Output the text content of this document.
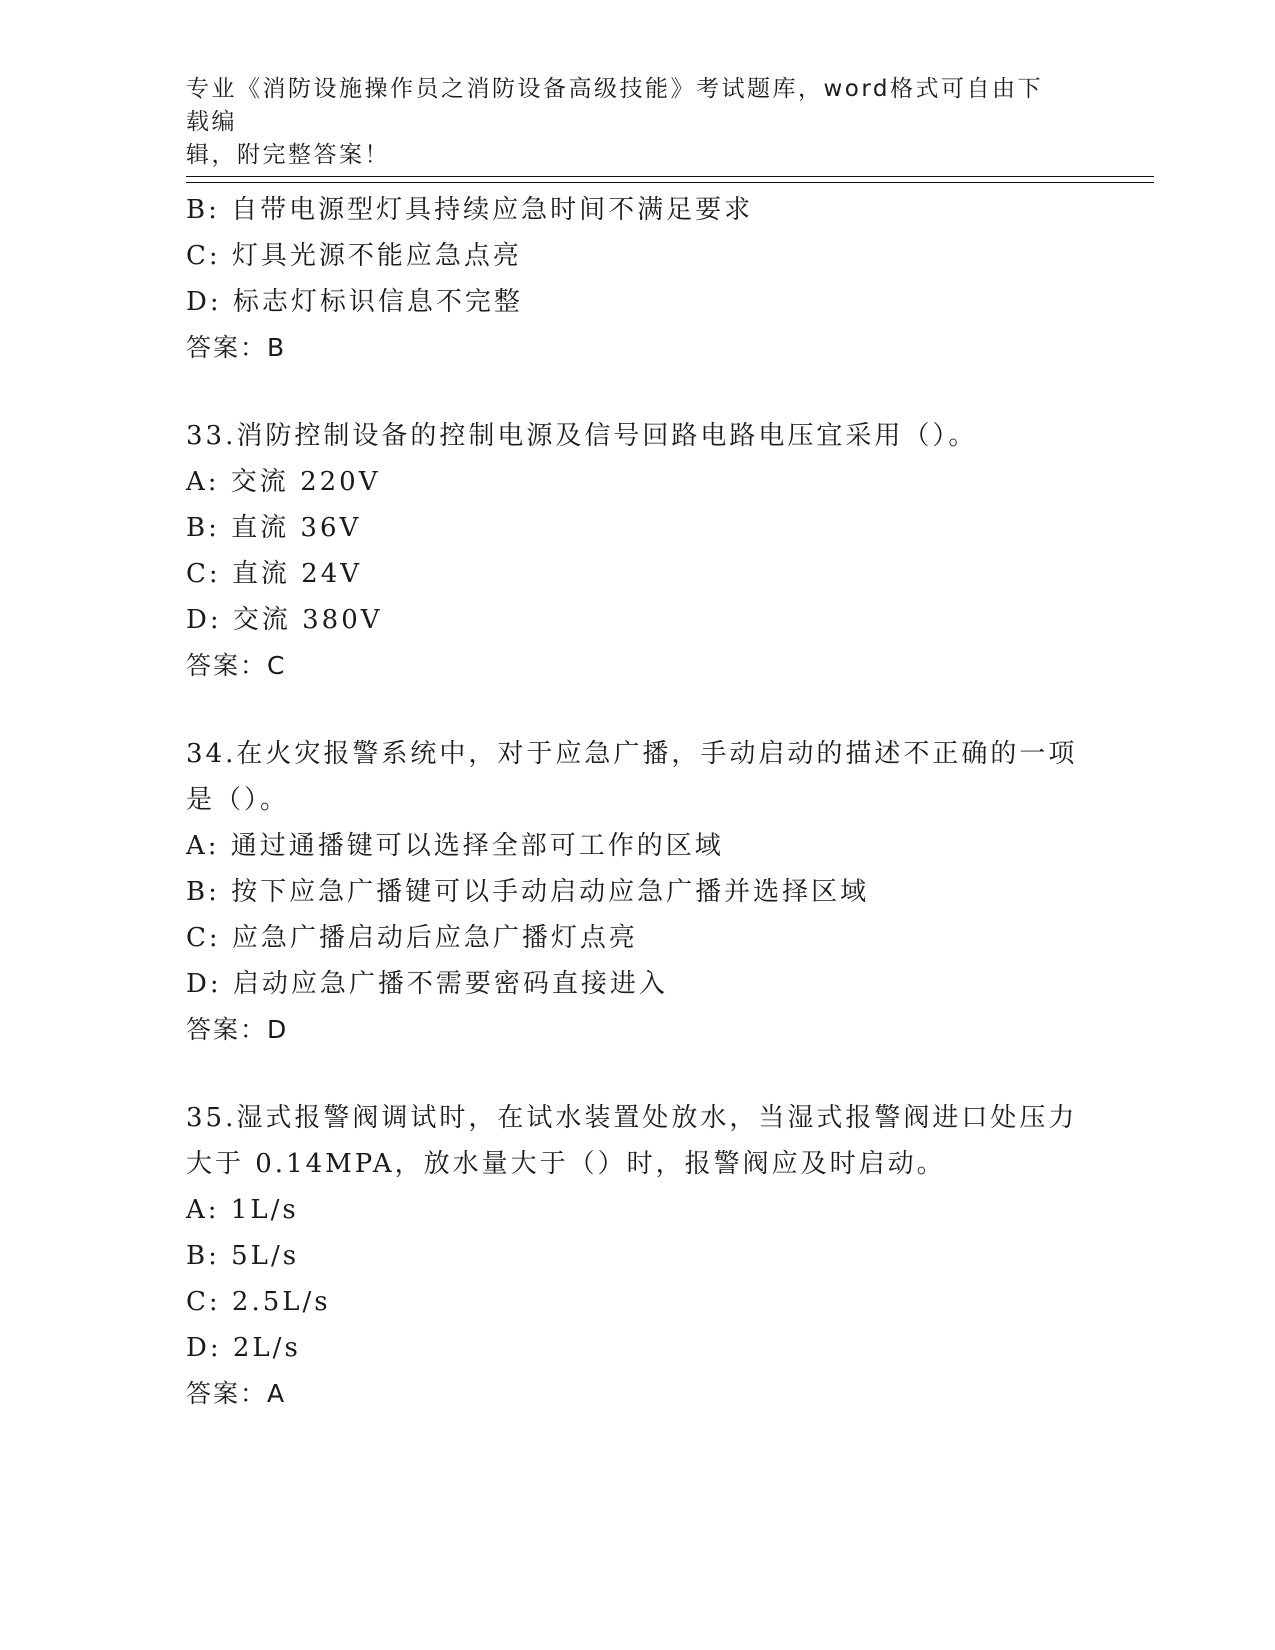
专业《消防设施操作员之消防设备高级技能》考试题库，word格式可自由下载编
辑，附完整答案！
B: 自带电源型灯具持续应急时间不满足要求
C: 灯具光源不能应急点亮
D: 标志灯标识信息不完整
答案：B
33.消防控制设备的控制电源及信号回路电路电压宜采用（）。
A: 交流 220V
B: 直流 36V
C: 直流 24V
D: 交流 380V
答案：C
34.在火灾报警系统中，对于应急广播，手动启动的描述不正确的一项
是（）。
A: 通过通播键可以选择全部可工作的区域
B: 按下应急广播键可以手动启动应急广播并选择区域
C: 应急广播启动后应急广播灯点亮
D: 启动应急广播不需要密码直接进入
答案：D
35.湿式报警阀调试时，在试水装置处放水，当湿式报警阀进口处压力
大于 0.14MPA，放水量大于（）时，报警阀应及时启动。
A: 1L/s
B: 5L/s
C: 2.5L/s
D: 2L/s
答案：A
